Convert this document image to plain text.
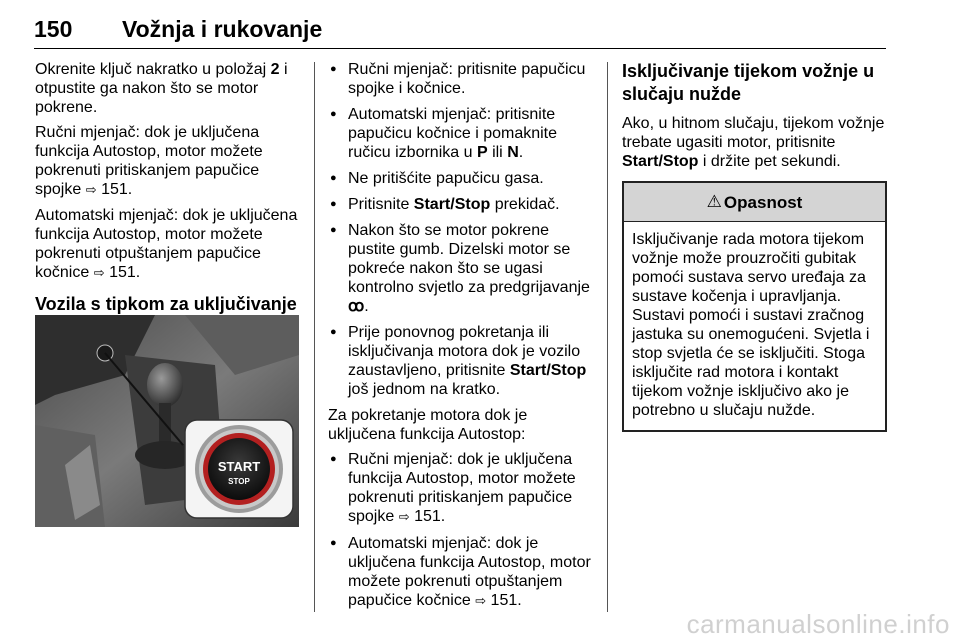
150 Vožnja i rukovanje

Okrenite ključ nakratko u položaj 2 i otpustite ga nakon što se motor pokrene.

Ručni mjenjač: dok je uključena funkcija Autostop, motor možete pokrenuti pritiskanjem papučice spojke ⇨ 151.

Automatski mjenjač: dok je uključena funkcija Autostop, motor možete pokrenuti otpuštanjem papučice kočnice ⇨ 151.

Vozila s tipkom za uključivanje
START
STOP
● Ručni mjenjač: pritisnite papučicu spojke i kočnice.
● Automatski mjenjač: pritisnite papučicu kočnice i pomaknite ručicu izbornika u P ili N.
● Ne pritišćite papučicu gasa.
● Pritisnite Start/Stop prekidač.
● Nakon što se motor pokrene pustite gumb. Dizelski motor se pokreće nakon što se ugasi kontrolno svjetlo za predgrijavanje ꝏ.
● Prije ponovnog pokretanja ili isključivanja motora dok je vozilo zaustavljeno, pritisnite Start/Stop još jednom na kratko.

Za pokretanje motora dok je uključena funkcija Autostop:

● Ručni mjenjač: dok je uključena funkcija Autostop, motor možete pokrenuti pritiskanjem papučice spojke ⇨ 151.
● Automatski mjenjač: dok je uključena funkcija Autostop, motor možete pokrenuti otpuštanjem papučice kočnice ⇨ 151.
Isključivanje tijekom vožnje u slučaju nužde

Ako, u hitnom slučaju, tijekom vožnje trebate ugasiti motor, pritisnite Start/Stop i držite pet sekundi.

⚠ Opasnost
Isključivanje rada motora tijekom vožnje može prouzročiti gubitak pomoći sustava servo uređaja za sustave kočenja i upravljanja. Sustavi pomoći i sustavi zračnog jastuka su onemogućeni. Svjetla i stop svjetla će se isključiti. Stoga isključite rad motora i kontakt tijekom vožnje isključivo ako je potrebno u slučaju nužde.
carmanualsonline.info
